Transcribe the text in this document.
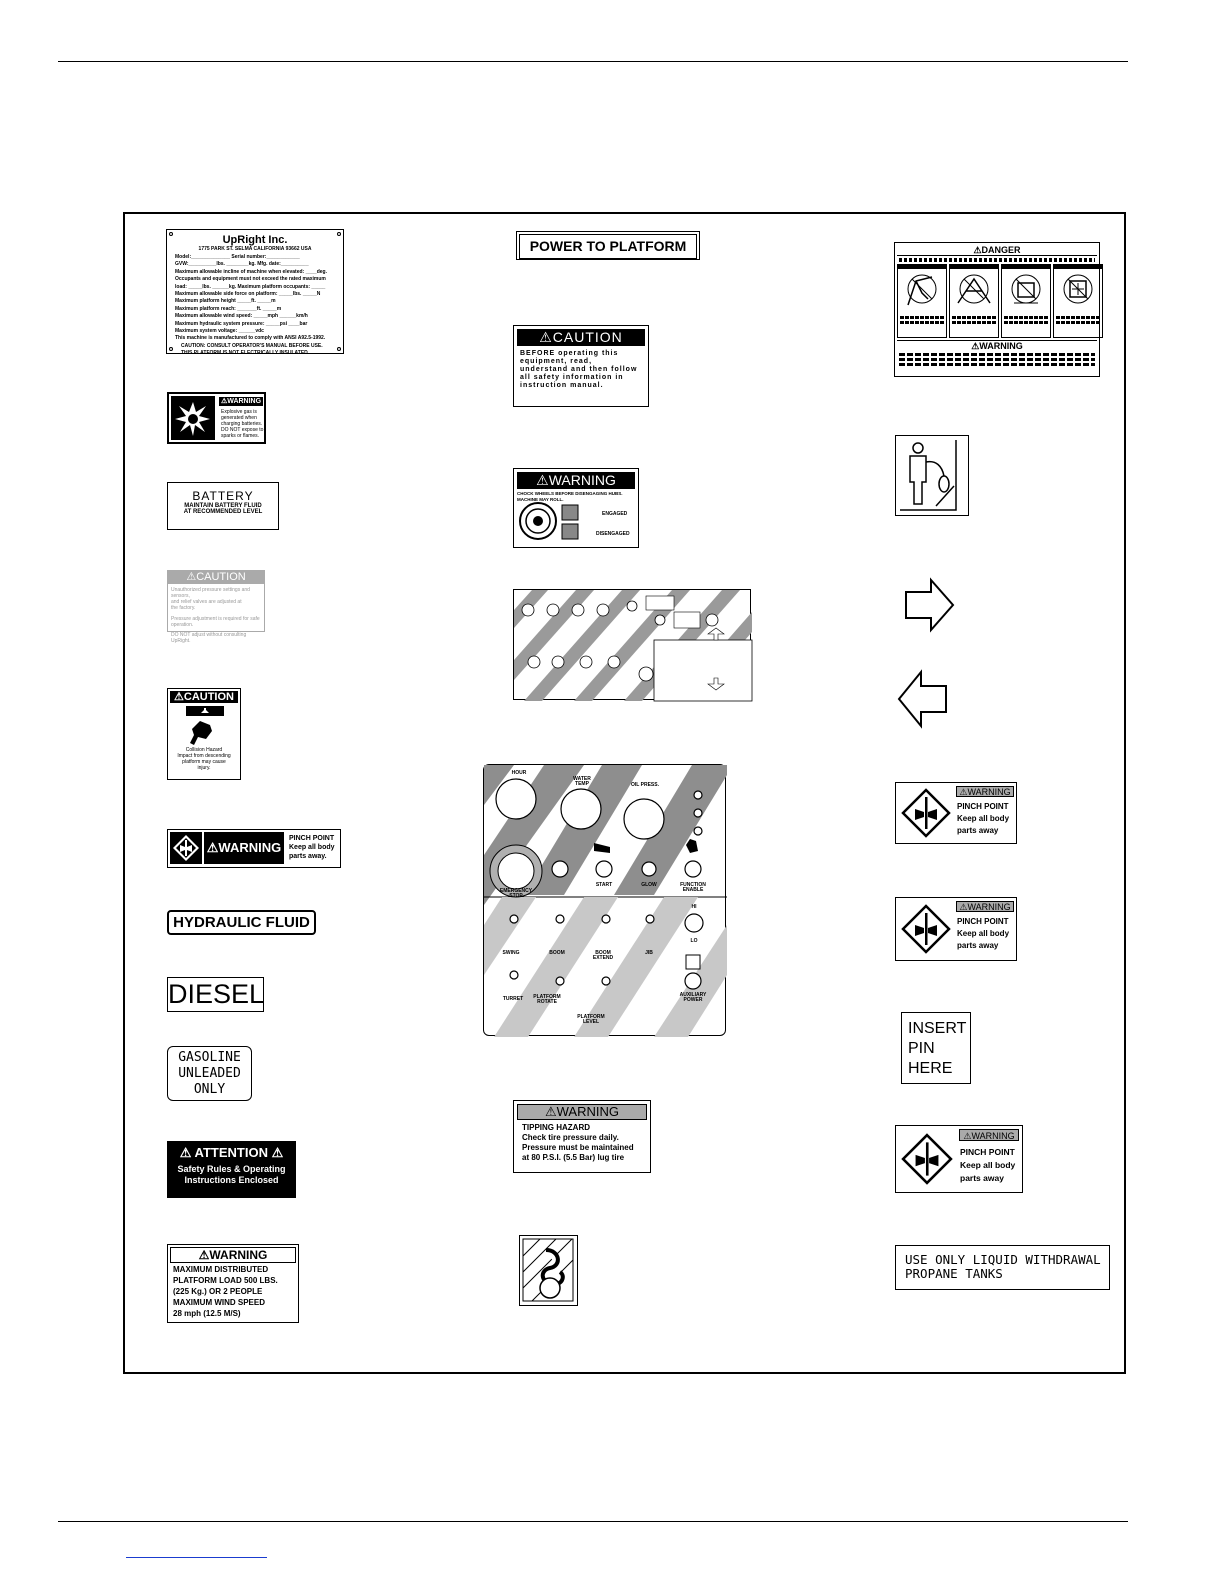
UpRight Inc.
1775 PARK ST. SELMA CALIFORNIA 93662 USA
Model:______________ Serial number:____________
GVW:__________lbs. ________kg. Mfg. date:__________
Maximum allowable incline of machine when elevated: ____deg.
Occupants and equipment must not exceed the rated maximum
load: _____lbs. ______kg. Maximum platform occupants: _____
Maximum allowable side force on platform: _____lbs. _____N
Maximum platform height _____ft. _____m
Maximum platform reach: _______ft. _____m
Maximum allowable wind speed: _____mph ______km/h
Maximum hydraulic system pressure: _____psi ____bar
Maximum system voltage: ______vdc
This machine is manufactured to comply with ANSI A92.5-1992.
CAUTION: CONSULT OPERATOR'S MANUAL BEFORE USE.
THIS PLATFORM IS NOT ELECTRICALLY INSULATED
⚠WARNING
Explosive gas is
generated when
charging batteries.
DO NOT expose to
sparks or flames.
BATTERY
MAINTAIN BATTERY FLUID
AT RECOMMENDED LEVEL
⚠CAUTION
Unauthorized pressure settings and sensors,
and relief valves are adjusted at
the factory.
Pressure adjustment is required for safe operation.
DO NOT adjust without consulting UpRight.
⚠CAUTION
Collision Hazard
Impact from descending
platform may cause
injury.
⚠WARNING
PINCH POINT
Keep all body
parts away.
HYDRAULIC FLUID
DIESEL
GASOLINE
UNLEADED
ONLY
⚠ ATTENTION ⚠
Safety Rules & Operating
Instructions Enclosed
⚠WARNING
MAXIMUM DISTRIBUTED
PLATFORM LOAD 500 LBS.
(225 Kg.) OR 2 PEOPLE
MAXIMUM WIND SPEED
28 mph (12.5 M/S)
POWER TO PLATFORM
⚠CAUTION
BEFORE operating this equipment, read, understand and then follow all safety information in instruction manual.
⚠WARNING
CHOCK WHEELS BEFORE DISENGAGING HUBS.
MACHINE MAY ROLL.
ENGAGED
DISENGAGED
HOUR
WATER TEMP	OIL PRESS.
EMERGENCY STOP
START	GLOW	FUNCTION ENABLE
HI
LO
SWING	BOOM	BOOM EXTEND
JIB
TURRET	PLATFORM ROTATE
PLATFORM LEVEL
AUXILIARY POWER
⚠WARNING
TIPPING HAZARD
Check tire pressure daily.
Pressure must be maintained
at 80 P.S.I. (5.5 Bar) lug tire
⚠DANGER
⚠WARNING
⚠WARNING
PINCH POINT
Keep all body
parts away
⚠WARNING
PINCH POINT
Keep all body
parts away
INSERT
PIN
HERE
⚠WARNING
PINCH POINT
Keep all body
parts away
USE ONLY LIQUID WITHDRAWAL
PROPANE TANKS
